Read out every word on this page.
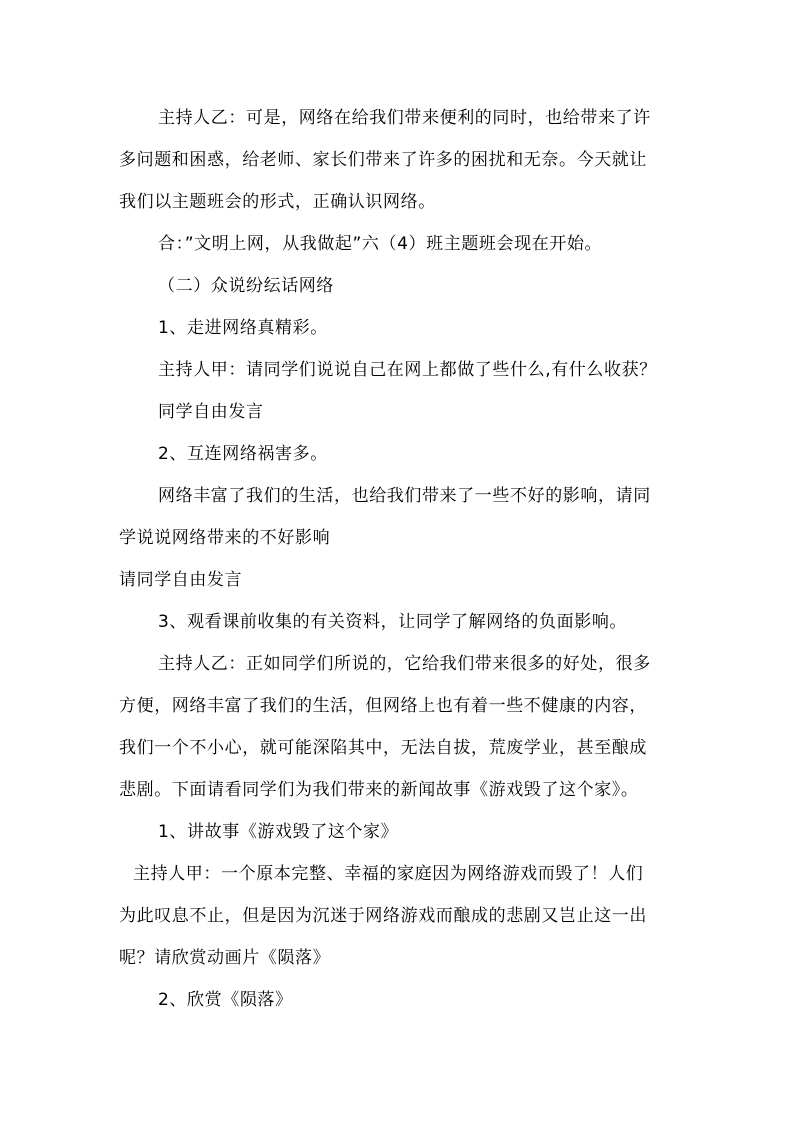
主持人乙：可是，网络在给我们带来便利的同时，也给带来了许
多问题和困惑，给老师、家长们带来了许多的困扰和无奈。今天就让
我们以主题班会的形式，正确认识网络。
合：”文明上网，从我做起”六（4）班主题班会现在开始。
（二）众说纷纭话网络
1、走进网络真精彩。
主持人甲：请同学们说说自己在网上都做了些什么,有什么收获？
同学自由发言
2、互连网络祸害多。
网络丰富了我们的生活，也给我们带来了一些不好的影响，请同
学说说网络带来的不好影响
请同学自由发言
3、观看课前收集的有关资料，让同学了解网络的负面影响。
主持人乙：正如同学们所说的，它给我们带来很多的好处，很多
方便，网络丰富了我们的生活，但网络上也有着一些不健康的内容，
我们一个不小心，就可能深陷其中，无法自拔，荒废学业，甚至酿成
悲剧。下面请看同学们为我们带来的新闻故事《游戏毁了这个家》。
1、讲故事《游戏毁了这个家》
主持人甲：一个原本完整、幸福的家庭因为网络游戏而毁了！人们
为此叹息不止，但是因为沉迷于网络游戏而酿成的悲剧又岂止这一出
呢？请欣赏动画片《陨落》
2、欣赏《陨落》
